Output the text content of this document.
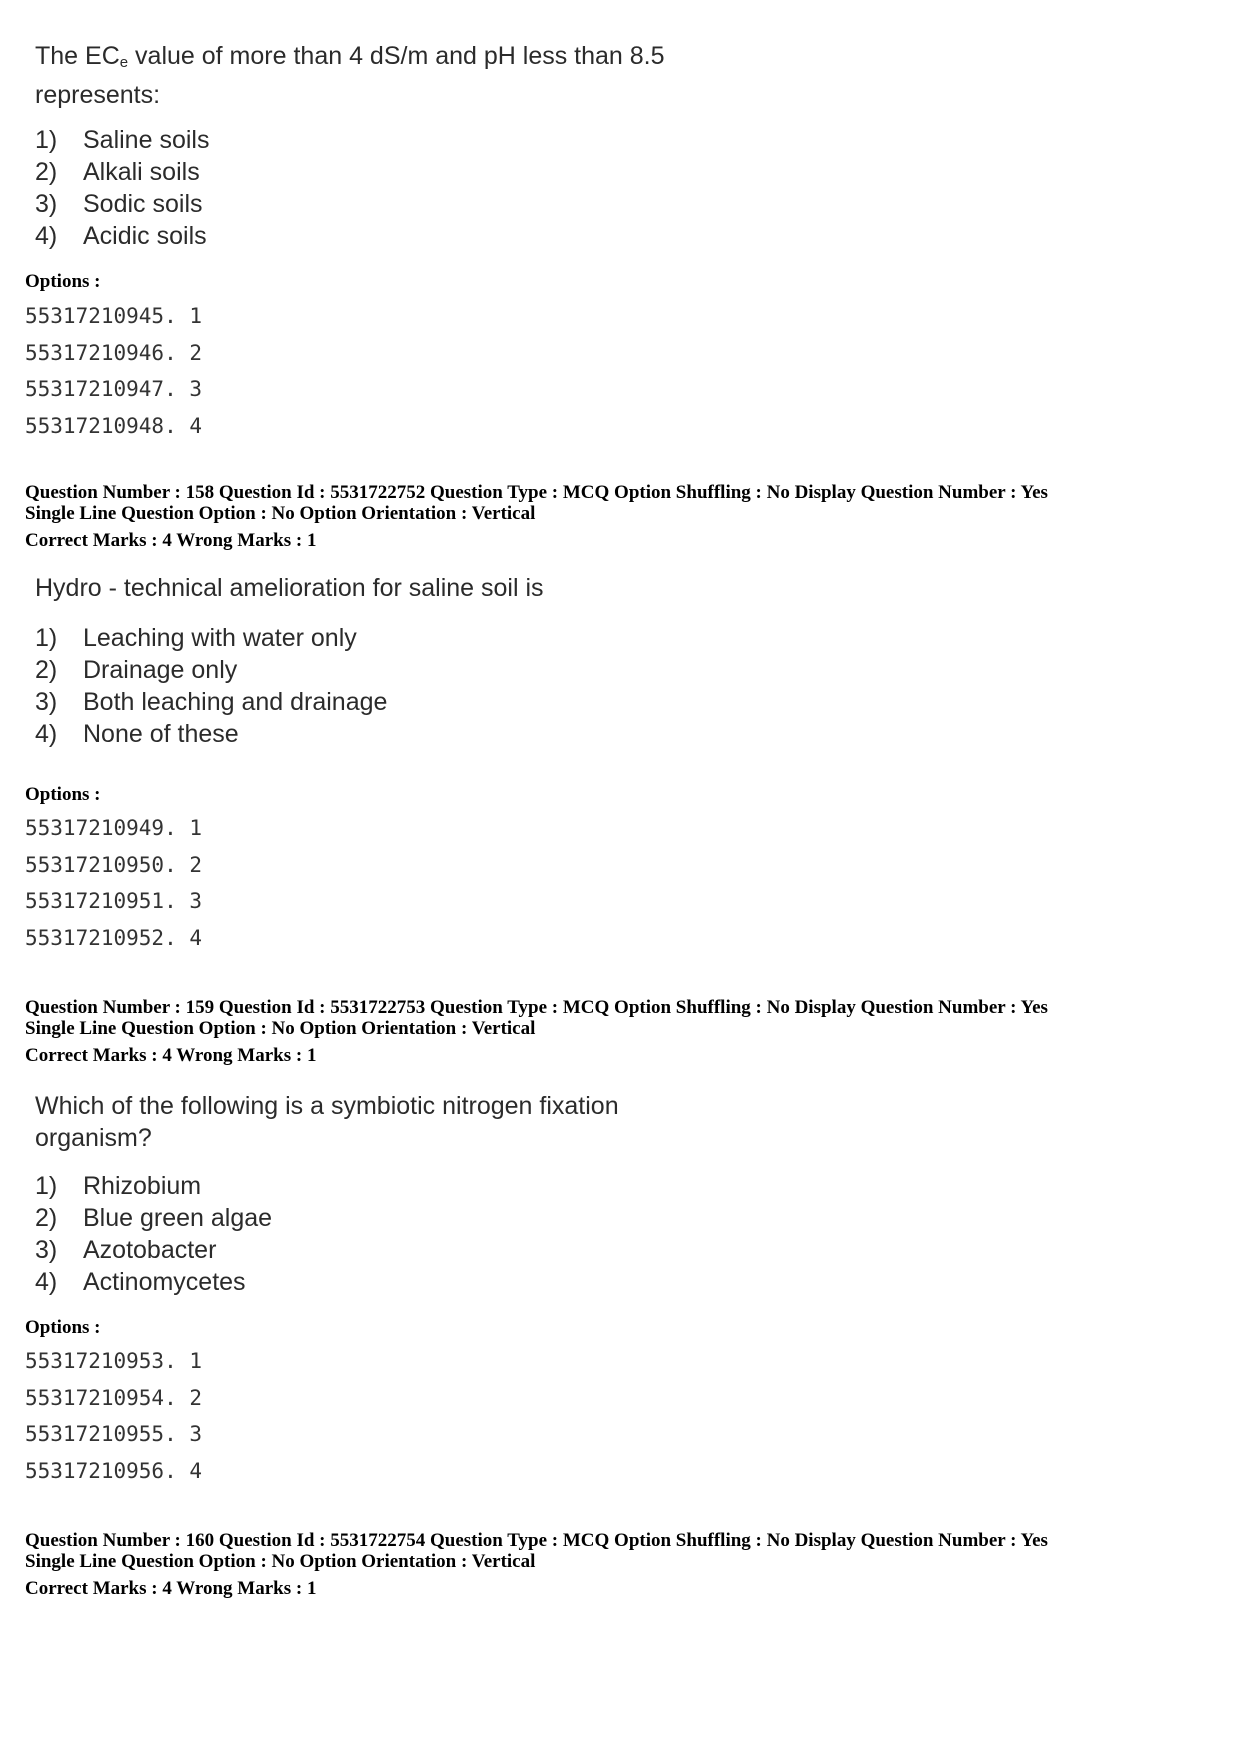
The $EC_e$ value of more than 4 dS/m and pH less than 8.5 represents:
1) Saline soils
2) Alkali soils
3) Sodic soils
4) Acidic soils
Options :
55317210945. 1
55317210946. 2
55317210947. 3
55317210948. 4
Question Number : 158 Question Id : 5531722752 Question Type : MCQ Option Shuffling : No Display Question Number : Yes
Single Line Question Option : No Option Orientation : Vertical
Correct Marks : 4 Wrong Marks : 1
Hydro - technical amelioration for saline soil is
1) Leaching with water only
2) Drainage only
3) Both leaching and drainage
4) None of these
Options :
55317210949. 1
55317210950. 2
55317210951. 3
55317210952. 4
Question Number : 159 Question Id : 5531722753 Question Type : MCQ Option Shuffling : No Display Question Number : Yes
Single Line Question Option : No Option Orientation : Vertical
Correct Marks : 4 Wrong Marks : 1
Which of the following is a symbiotic nitrogen fixation organism?
1) Rhizobium
2) Blue green algae
3) Azotobacter
4) Actinomycetes
Options :
55317210953. 1
55317210954. 2
55317210955. 3
55317210956. 4
Question Number : 160 Question Id : 5531722754 Question Type : MCQ Option Shuffling : No Display Question Number : Yes
Single Line Question Option : No Option Orientation : Vertical
Correct Marks : 4 Wrong Marks : 1
